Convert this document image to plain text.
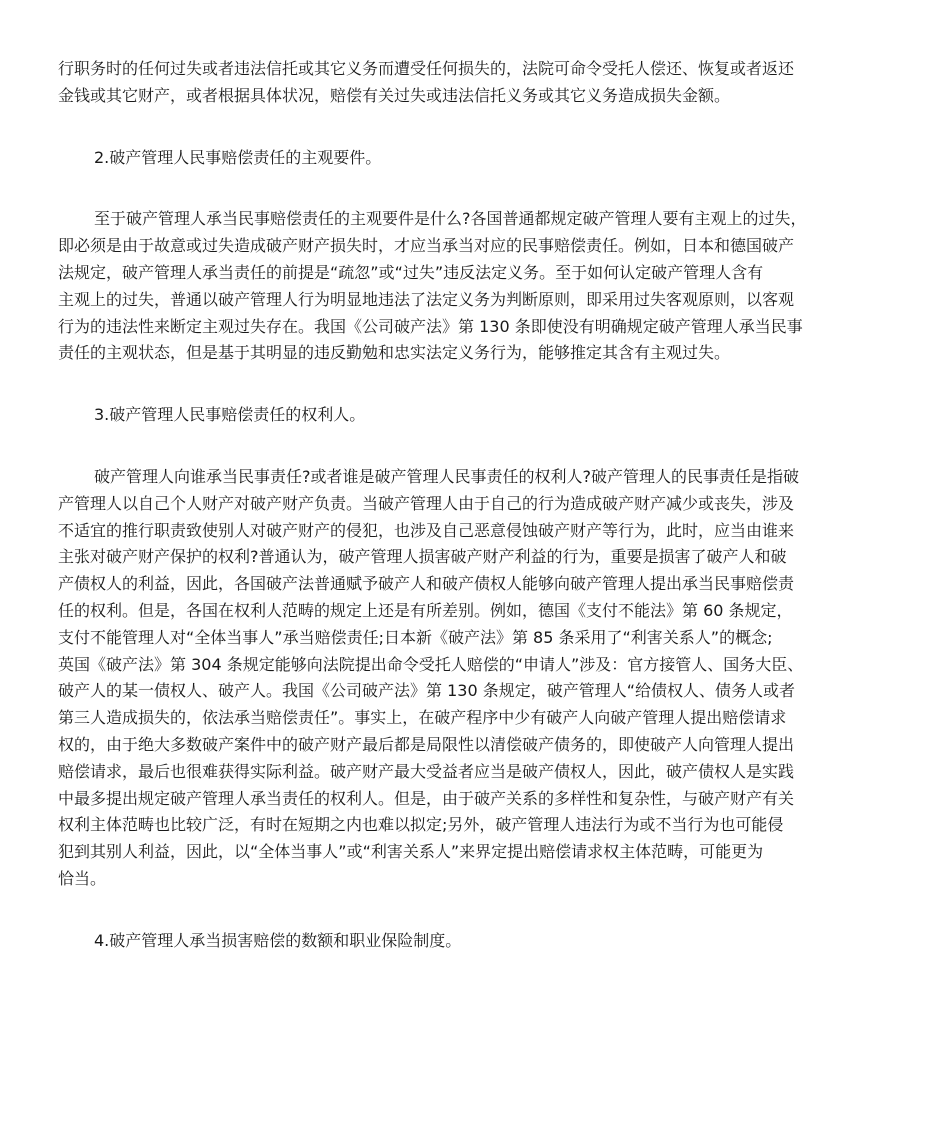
行职务时的任何过失或者违法信托或其它义务而遭受任何损失的，法院可命令受托人偿还、恢复或者返还
金钱或其它财产，或者根据具体状况，赔偿有关过失或违法信托义务或其它义务造成损失金额。
2.破产管理人民事赔偿责任的主观要件。
至于破产管理人承当民事赔偿责任的主观要件是什么?各国普通都规定破产管理人要有主观上的过失，
即必须是由于故意或过失造成破产财产损失时，才应当承当对应的民事赔偿责任。例如，日本和德国破产
法规定，破产管理人承当责任的前提是“疏忽”或“过失”违反法定义务。至于如何认定破产管理人含有
主观上的过失，普通以破产管理人行为明显地违法了法定义务为判断原则，即采用过失客观原则，以客观
行为的违法性来断定主观过失存在。我国《公司破产法》第 130 条即使没有明确规定破产管理人承当民事
责任的主观状态，但是基于其明显的违反勤勉和忠实法定义务行为，能够推定其含有主观过失。
3.破产管理人民事赔偿责任的权利人。
破产管理人向谁承当民事责任?或者谁是破产管理人民事责任的权利人?破产管理人的民事责任是指破
产管理人以自己个人财产对破产财产负责。当破产管理人由于自己的行为造成破产财产减少或丧失，涉及
不适宜的推行职责致使别人对破产财产的侵犯，也涉及自己恶意侵蚀破产财产等行为，此时，应当由谁来
主张对破产财产保护的权利?普通认为，破产管理人损害破产财产利益的行为，重要是损害了破产人和破
产债权人的利益，因此，各国破产法普通赋予破产人和破产债权人能够向破产管理人提出承当民事赔偿责
任的权利。但是，各国在权利人范畴的规定上还是有所差别。例如，德国《支付不能法》第 60 条规定，
支付不能管理人对“全体当事人”承当赔偿责任;日本新《破产法》第 85 条采用了“利害关系人”的概念;
英国《破产法》第 304 条规定能够向法院提出命令受托人赔偿的“申请人”涉及：官方接管人、国务大臣、
破产人的某一债权人、破产人。我国《公司破产法》第 130 条规定，破产管理人“给债权人、债务人或者
第三人造成损失的，依法承当赔偿责任”。事实上，在破产程序中少有破产人向破产管理人提出赔偿请求
权的，由于绝大多数破产案件中的破产财产最后都是局限性以清偿破产债务的，即使破产人向管理人提出
赔偿请求，最后也很难获得实际利益。破产财产最大受益者应当是破产债权人，因此，破产债权人是实践
中最多提出规定破产管理人承当责任的权利人。但是，由于破产关系的多样性和复杂性，与破产财产有关
权利主体范畴也比较广泛，有时在短期之内也难以拟定;另外，破产管理人违法行为或不当行为也可能侵
犯到其别人利益，因此，以“全体当事人”或“利害关系人”来界定提出赔偿请求权主体范畴，可能更为
恰当。
4.破产管理人承当损害赔偿的数额和职业保险制度。
